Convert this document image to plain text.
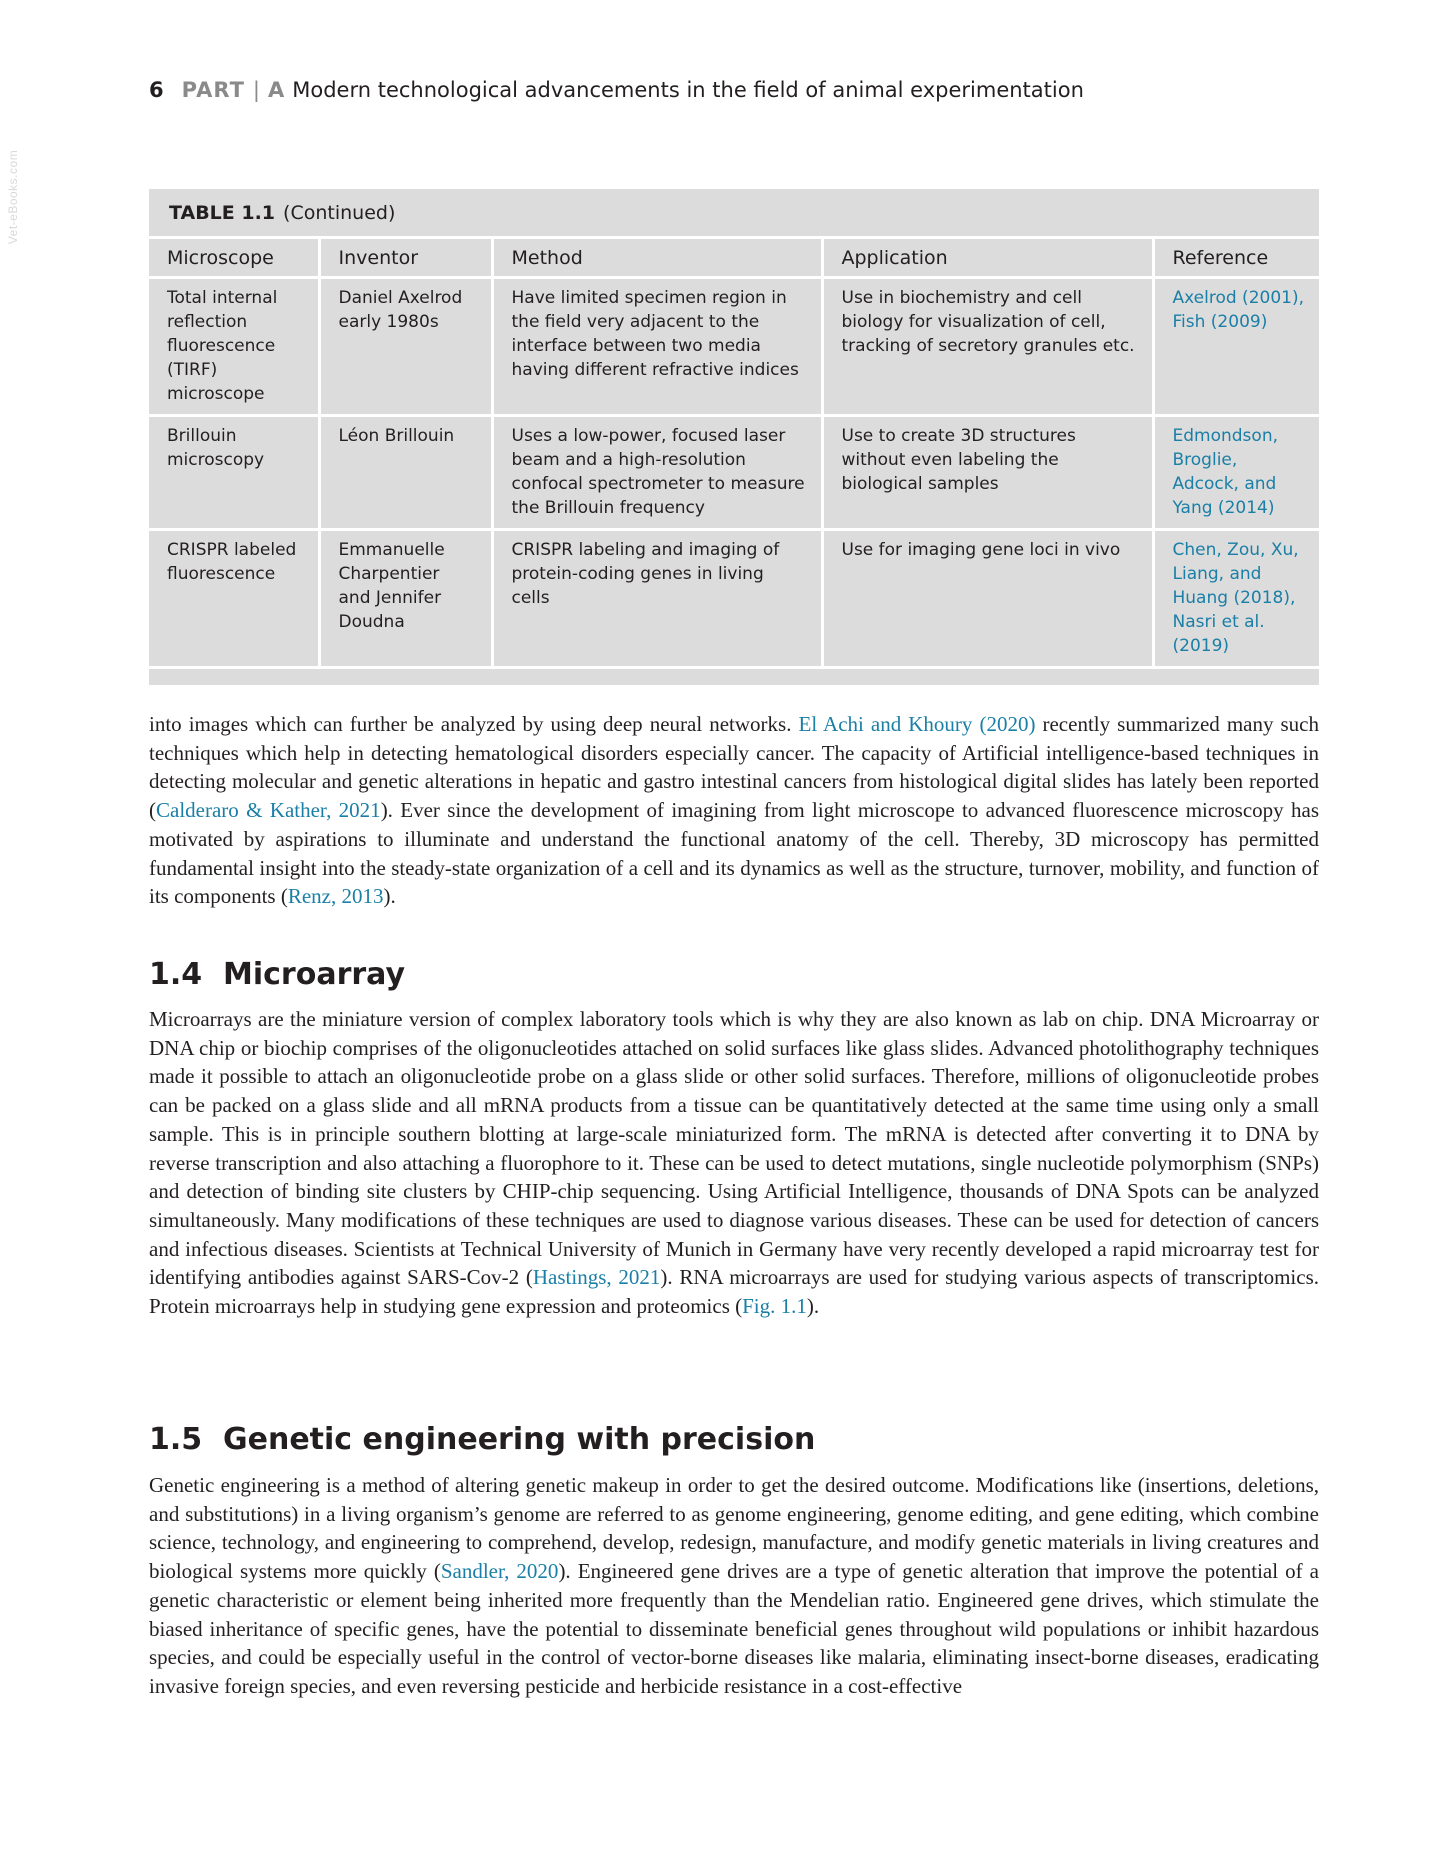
Vet-eBooks.com
6 PART | A Modern technological advancements in the field of animal experimentation
TABLE 1.1 (Continued)
Microscope	Inventor	Method	Application	Reference
Total internal reflection fluorescence (TIRF) microscope	Daniel Axelrod early 1980s	Have limited specimen region in the field very adjacent to the interface between two media having different refractive indices	Use in biochemistry and cell biology for visualization of cell, tracking of secretory granules etc.	Axelrod (2001), Fish (2009)
Brillouin microscopy	Léon Brillouin	Uses a low-power, focused laser beam and a high-resolution confocal spectrometer to measure the Brillouin frequency	Use to create 3D structures without even labeling the biological samples	Edmondson, Broglie, Adcock, and Yang (2014)
CRISPR labeled fluorescence	Emmanuelle Charpentier and Jennifer Doudna	CRISPR labeling and imaging of protein-coding genes in living cells	Use for imaging gene loci in vivo	Chen, Zou, Xu, Liang, and Huang (2018), Nasri et al. (2019)

into images which can further be analyzed by using deep neural networks. El Achi and Khoury (2020) recently summarized many such techniques which help in detecting hematological disorders especially cancer. The capacity of Artificial intelligence-based techniques in detecting molecular and genetic alterations in hepatic and gastro intestinal cancers from histological digital slides has lately been reported (Calderaro & Kather, 2021). Ever since the development of imagining from light microscope to advanced fluorescence microscopy has motivated by aspirations to illuminate and understand the functional anatomy of the cell. Thereby, 3D microscopy has permitted fundamental insight into the steady-state organization of a cell and its dynamics as well as the structure, turnover, mobility, and function of its components (Renz, 2013).

1.4 Microarray

Microarrays are the miniature version of complex laboratory tools which is why they are also known as lab on chip. DNA Microarray or DNA chip or biochip comprises of the oligonucleotides attached on solid surfaces like glass slides. Advanced photolithography techniques made it possible to attach an oligonucleotide probe on a glass slide or other solid surfaces. Therefore, millions of oligonucleotide probes can be packed on a glass slide and all mRNA products from a tissue can be quantitatively detected at the same time using only a small sample. This is in principle southern blotting at large-scale miniaturized form. The mRNA is detected after converting it to DNA by reverse transcription and also attaching a fluorophore to it. These can be used to detect mutations, single nucleotide polymorphism (SNPs) and detection of binding site clusters by CHIP-chip sequencing. Using Artificial Intelligence, thousands of DNA Spots can be analyzed simultaneously. Many modifications of these techniques are used to diagnose various diseases. These can be used for detection of cancers and infectious diseases. Scientists at Technical University of Munich in Germany have very recently developed a rapid microarray test for identifying antibodies against SARS-Cov-2 (Hastings, 2021). RNA microarrays are used for studying various aspects of transcriptomics. Protein microarrays help in studying gene expression and proteomics (Fig. 1.1).

1.5 Genetic engineering with precision

Genetic engineering is a method of altering genetic makeup in order to get the desired outcome. Modifications like (insertions, deletions, and substitutions) in a living organism’s genome are referred to as genome engineering, genome editing, and gene editing, which combine science, technology, and engineering to comprehend, develop, redesign, manufacture, and modify genetic materials in living creatures and biological systems more quickly (Sandler, 2020). Engineered gene drives are a type of genetic alteration that improve the potential of a genetic characteristic or element being inherited more frequently than the Mendelian ratio. Engineered gene drives, which stimulate the biased inheritance of specific genes, have the potential to disseminate beneficial genes throughout wild populations or inhibit hazardous species, and could be especially useful in the control of vector-borne diseases like malaria, eliminating insect-borne diseases, eradicating invasive foreign species, and even reversing pesticide and herbicide resistance in a cost-effective
